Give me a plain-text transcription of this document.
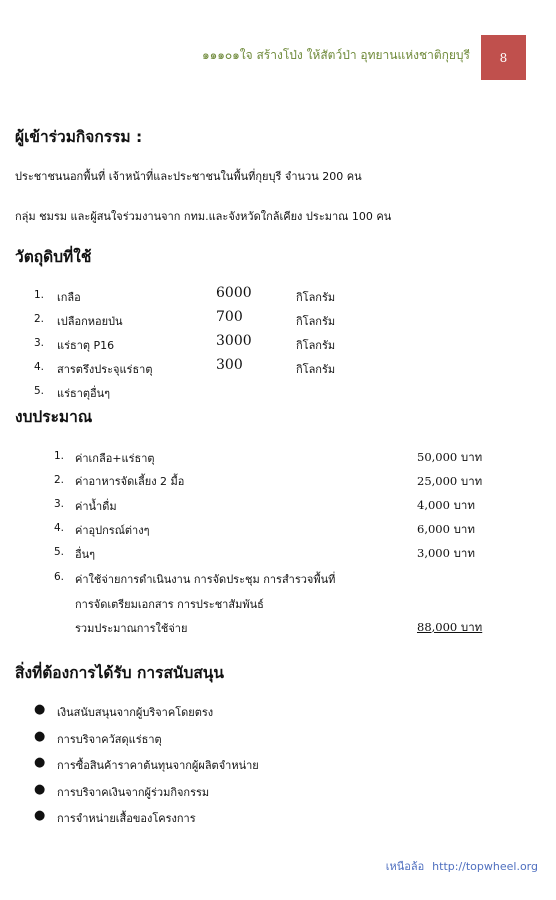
๑๑๑๐๑ใจ สร้างโป่ง ให้สัตว์ป่า อุทยานแห่งชาติกุยบุรี 8
ผู้เข้าร่วมกิจกรรม :
ประชาชนนอกพื้นที่ เจ้าหน้าที่และประชาชนในพื้นที่กุยบุรี จำนวน 200 คน
กลุ่ม ชมรม และผู้สนใจร่วมงานจาก กทม.และจังหวัดใกล้เคียง ประมาณ 100 คน
วัตถุดิบที่ใช้
1. เกลือ	6000	กิโลกรัม
2. เปลือกหอยป่น	700	กิโลกรัม
3. แร่ธาตุ P16	3000	กิโลกรัม
4. สารตรึงประจุแร่ธาตุ	300	กิโลกรัม
5. แร่ธาตุอื่นๆ
งบประมาณ
1. ค่าเกลือ+แร่ธาตุ	50,000 บาท
2. ค่าอาหารจัดเลี้ยง 2 มื้อ	25,000 บาท
3. ค่าน้ำดื่ม	4,000 บาท
4. ค่าอุปกรณ์ต่างๆ	6,000 บาท
5. อื่นๆ	3,000 บาท
6. ค่าใช้จ่ายการดำเนินงาน การจัดประชุม การสำรวจพื้นที่
การจัดเตรียมเอกสาร การประชาสัมพันธ์
รวมประมาณการใช้จ่าย	88,000 บาท
สิ่งที่ต้องการได้รับ การสนับสนุน
● เงินสนับสนุนจากผู้บริจาคโดยตรง
● การบริจาควัสดุแร่ธาตุ
● การซื้อสินค้าราคาต้นทุนจากผู้ผลิตจำหน่าย
● การบริจาคเงินจากผู้ร่วมกิจกรรม
● การจำหน่ายเสื้อของโครงการ
เหนือล้อ http://topwheel.org
